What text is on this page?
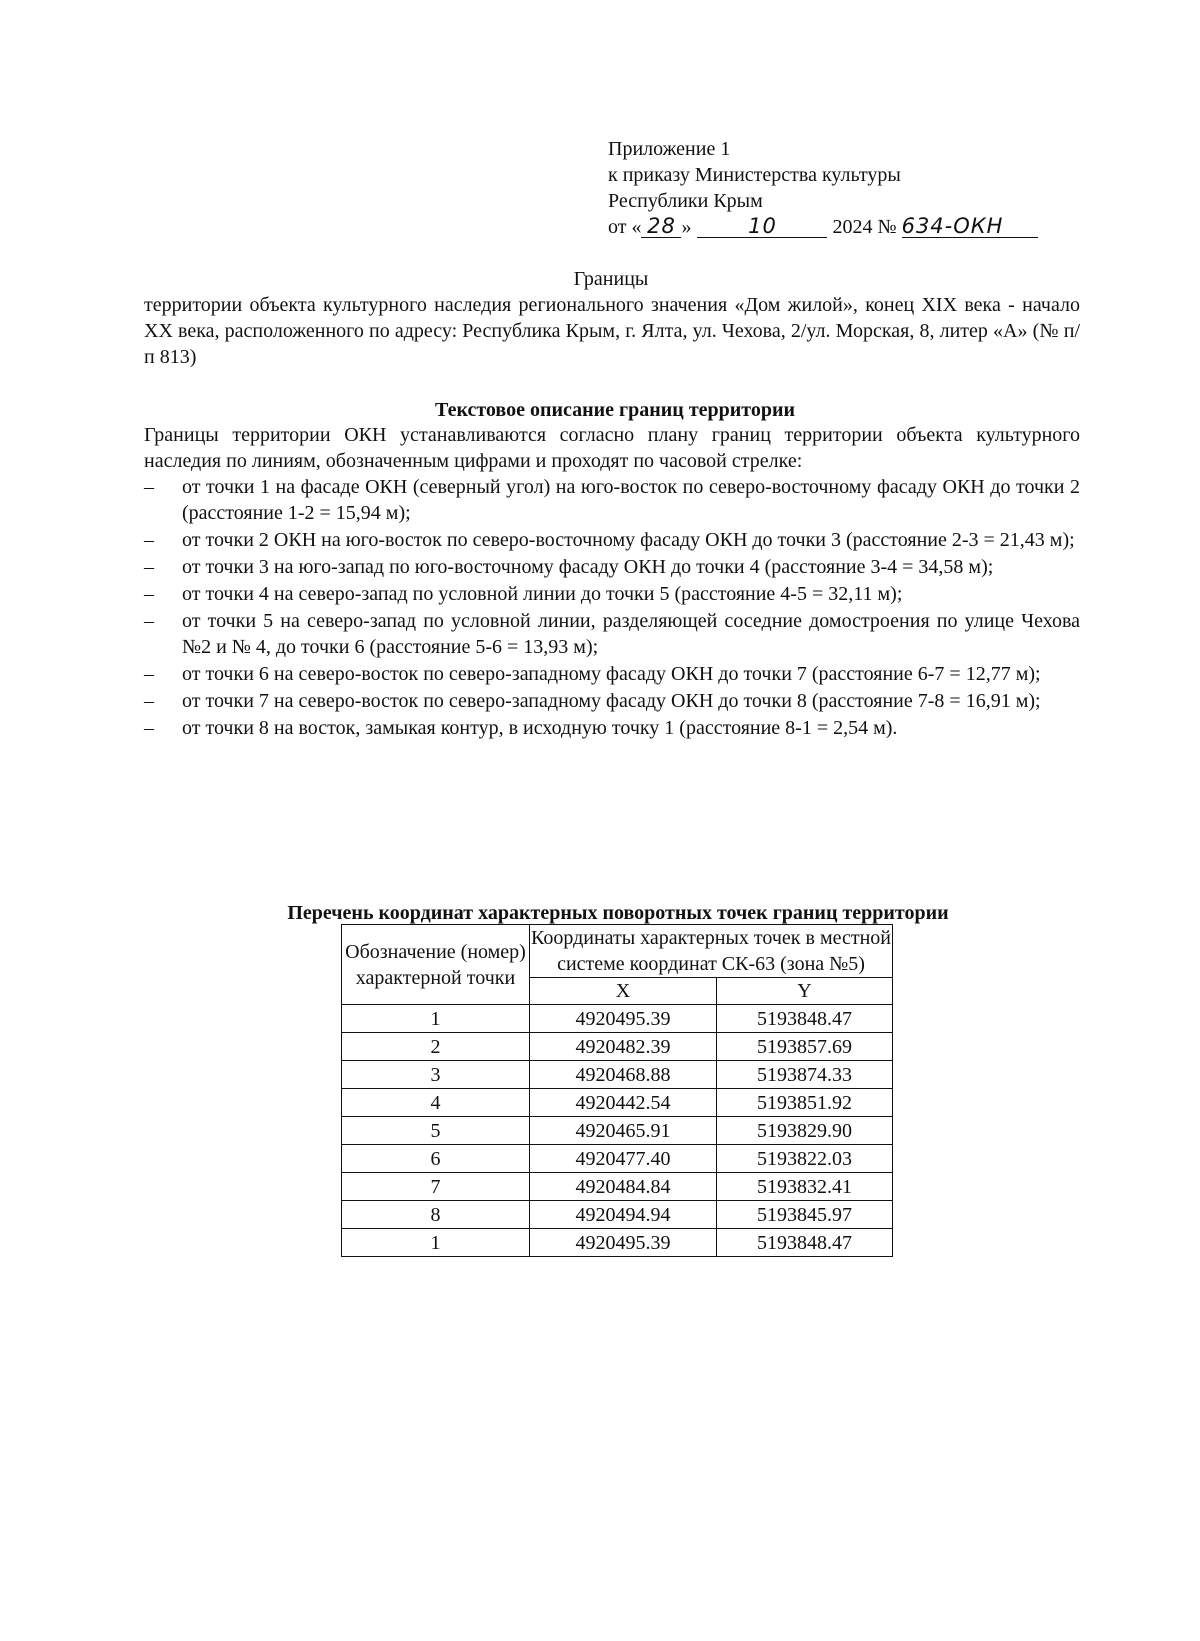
Приложение 1
к приказу Министерства культуры
Республики Крым
от « 28 »	10	2024 № 634-ОКН
Границы
территории объекта культурного наследия регионального значения «Дом жилой», конец XIX века - начало XX века, расположенного по адресу: Республика Крым, г. Ялта, ул. Чехова, 2/ул. Морская, 8, литер «А» (№ п/п 813)
Текстовое описание границ территории
Границы территории ОКН устанавливаются согласно плану границ территории объекта культурного наследия по линиям, обозначенным цифрами и проходят по часовой стрелке:
– от точки 1 на фасаде ОКН (северный угол) на юго-восток по северо-восточному фасаду ОКН до точки 2 (расстояние 1-2 = 15,94 м);
– от точки 2 ОКН на юго-восток по северо-восточному фасаду ОКН до точки 3 (расстояние 2-3 = 21,43 м);
– от точки 3 на юго-запад по юго-восточному фасаду ОКН до точки 4 (расстояние 3-4 = 34,58 м);
– от точки 4 на северо-запад по условной линии до точки 5 (расстояние 4-5 = 32,11 м);
– от точки 5 на северо-запад по условной линии, разделяющей соседние домостроения по улице Чехова №2 и № 4, до точки 6 (расстояние 5-6 = 13,93 м);
– от точки 6 на северо-восток по северо-западному фасаду ОКН до точки 7 (расстояние 6-7 = 12,77 м);
– от точки 7 на северо-восток по северо-западному фасаду ОКН до точки 8 (расстояние 7-8 = 16,91 м);
– от точки 8 на восток, замыкая контур, в исходную точку 1 (расстояние 8-1 = 2,54 м).
Перечень координат характерных поворотных точек границ территории
Обозначение (номер) характерной точки	Координаты характерных точек в местной системе координат СК-63 (зона №5)	
	X	Y
1	4920495.39	5193848.47
2	4920482.39	5193857.69
3	4920468.88	5193874.33
4	4920442.54	5193851.92
5	4920465.91	5193829.90
6	4920477.40	5193822.03
7	4920484.84	5193832.41
8	4920494.94	5193845.97
1	4920495.39	5193848.47
